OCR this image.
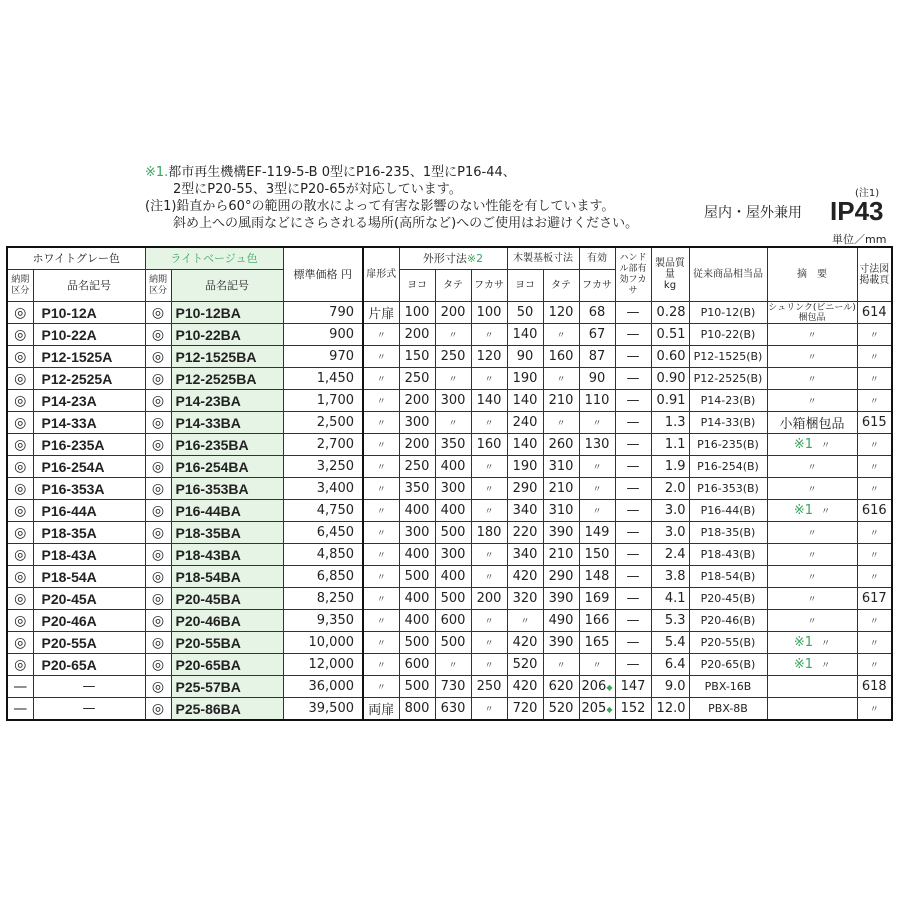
※1.都市再生機構EF-119-5-B 0型にP16-235、1型にP16-44、
2型にP20-55、3型にP20-65が対応しています。
(注1)鉛直から60°の範囲の散水によって有害な影響のない性能を有しています。
斜め上への風雨などにさらされる場所(高所など)へのご使用はお避けください。
(注1)
屋内・屋外兼用 IP43
単位／mm
ホワイトグレー色		ライトベージュ色		標準価格 円	扉形式	外形寸法※2			木製基板寸法		有効	ハンドル部有効フカサ	製品質量
kg	従来商品相当品	摘　要	寸法図掲載頁
納期区分	品名記号	納期区分	品名記号			ヨコ	タテ	フカサ	ヨコ	タテ	フカサ					
◎	P10-12A	◎	P10-12BA	790	片扉	100	200	100	50	120	68	—	0.28	P10-12(B)	シュリンク(ビニール)梱包品	614
◎	P10-22A	◎	P10-22BA	900	〃	200	〃	〃	140	〃	67	—	0.51	P10-22(B)	〃	〃
◎	P12-1525A	◎	P12-1525BA	970	〃	150	250	120	90	160	87	—	0.60	P12-1525(B)	〃	〃
◎	P12-2525A	◎	P12-2525BA	1,450	〃	250	〃	〃	190	〃	90	—	0.90	P12-2525(B)	〃	〃
◎	P14-23A	◎	P14-23BA	1,700	〃	200	300	140	140	210	110	—	0.91	P14-23(B)	〃	〃
◎	P14-33A	◎	P14-33BA	2,500	〃	300	〃	〃	240	〃	〃	—	1.3	P14-33(B)	小箱梱包品	615
◎	P16-235A	◎	P16-235BA	2,700	〃	200	350	160	140	260	130	—	1.1	P16-235(B)	※1 〃	〃
◎	P16-254A	◎	P16-254BA	3,250	〃	250	400	〃	190	310	〃	—	1.9	P16-254(B)	〃	〃
◎	P16-353A	◎	P16-353BA	3,400	〃	350	300	〃	290	210	〃	—	2.0	P16-353(B)	〃	〃
◎	P16-44A	◎	P16-44BA	4,750	〃	400	400	〃	340	310	〃	—	3.0	P16-44(B)	※1 〃	616
◎	P18-35A	◎	P18-35BA	6,450	〃	300	500	180	220	390	149	—	3.0	P18-35(B)	〃	〃
◎	P18-43A	◎	P18-43BA	4,850	〃	400	300	〃	340	210	150	—	2.4	P18-43(B)	〃	〃
◎	P18-54A	◎	P18-54BA	6,850	〃	500	400	〃	420	290	148	—	3.8	P18-54(B)	〃	〃
◎	P20-45A	◎	P20-45BA	8,250	〃	400	500	200	320	390	169	—	4.1	P20-45(B)	〃	617
◎	P20-46A	◎	P20-46BA	9,350	〃	400	600	〃	〃	490	166	—	5.3	P20-46(B)	〃	〃
◎	P20-55A	◎	P20-55BA	10,000	〃	500	500	〃	420	390	165	—	5.4	P20-55(B)	※1 〃	〃
◎	P20-65A	◎	P20-65BA	12,000	〃	600	〃	〃	520	〃	〃	—	6.4	P20-65(B)	※1 〃	〃
—	—	◎	P25-57BA	36,000	〃	500	730	250	420	620	206◆	147	9.0	PBX-16B		618
—	—	◎	P25-86BA	39,500	両扉	800	630	〃	720	520	205◆	152	12.0	PBX-8B		〃
